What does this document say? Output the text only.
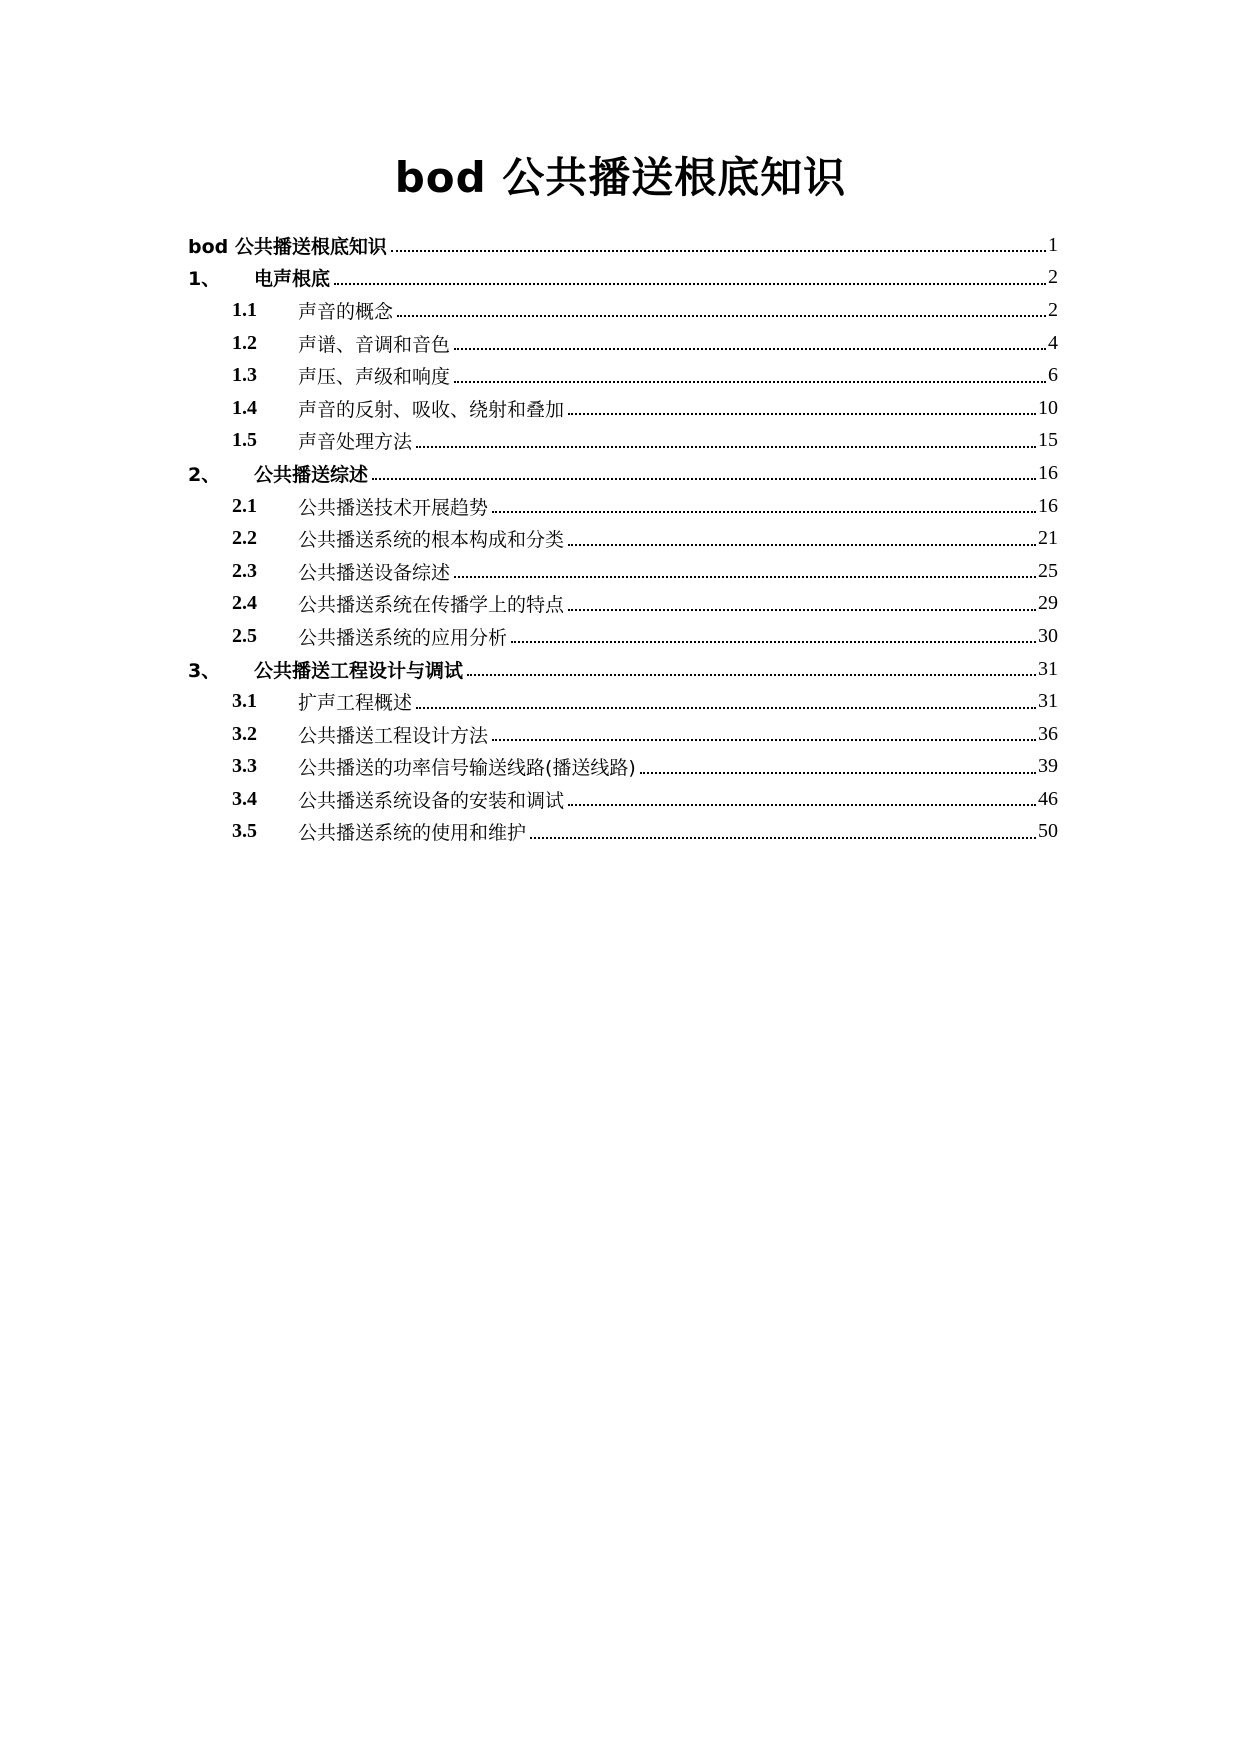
bod 公共播送根底知识
bod 公共播送根底知识	1
1、	电声根底	2
1.1	声音的概念	2
1.2	声谱、音调和音色	4
1.3	声压、声级和响度	6
1.4	声音的反射、吸收、绕射和叠加	10
1.5	声音处理方法	15
2、	公共播送综述	16
2.1	公共播送技术开展趋势	16
2.2	公共播送系统的根本构成和分类	21
2.3	公共播送设备综述	25
2.4	公共播送系统在传播学上的特点	29
2.5	公共播送系统的应用分析	30
3、	公共播送工程设计与调试	31
3.1	扩声工程概述	31
3.2	公共播送工程设计方法	36
3.3	公共播送的功率信号输送线路(播送线路)	39
3.4	公共播送系统设备的安装和调试	46
3.5	公共播送系统的使用和维护	50
